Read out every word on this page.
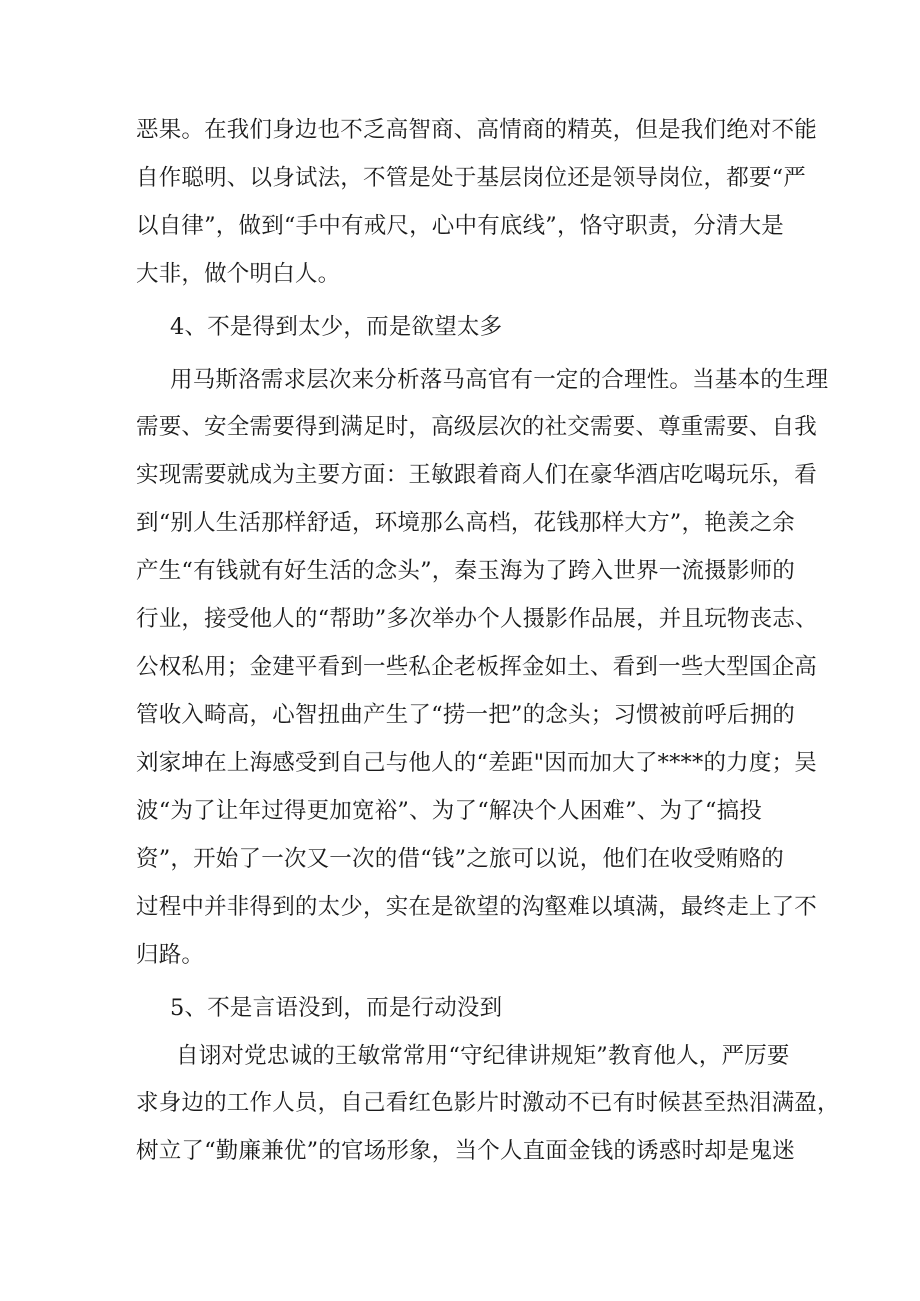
恶果。在我们身边也不乏高智商、高情商的精英，但是我们绝对不能
自作聪明、以身试法，不管是处于基层岗位还是领导岗位，都要“严
以自律”，做到“手中有戒尺，心中有底线”，恪守职责，分清大是
大非，做个明白人。
4、不是得到太少，而是欲望太多
用马斯洛需求层次来分析落马高官有一定的合理性。当基本的生理
需要、安全需要得到满足时，高级层次的社交需要、尊重需要、自我
实现需要就成为主要方面：王敏跟着商人们在豪华酒店吃喝玩乐，看
到“别人生活那样舒适，环境那么高档，花钱那样大方”，艳羡之余
产生“有钱就有好生活的念头”，秦玉海为了跨入世界一流摄影师的
行业，接受他人的“帮助”多次举办个人摄影作品展，并且玩物丧志、
公权私用；金建平看到一些私企老板挥金如土、看到一些大型国企高
管收入畸高，心智扭曲产生了“捞一把”的念头；习惯被前呼后拥的
刘家坤在上海感受到自己与他人的“差距"因而加大了****的力度；吴
波“为了让年过得更加宽裕”、为了“解决个人困难”、为了“搞投
资”，开始了一次又一次的借“钱”之旅可以说，他们在收受贿赂的
过程中并非得到的太少，实在是欲望的沟壑难以填满，最终走上了不
归路。
5、不是言语没到，而是行动没到
自诩对党忠诚的王敏常常用“守纪律讲规矩”教育他人，严厉要
求身边的工作人员，自己看红色影片时激动不已有时候甚至热泪满盈，
树立了“勤廉兼优”的官场形象，当个人直面金钱的诱惑时却是鬼迷
